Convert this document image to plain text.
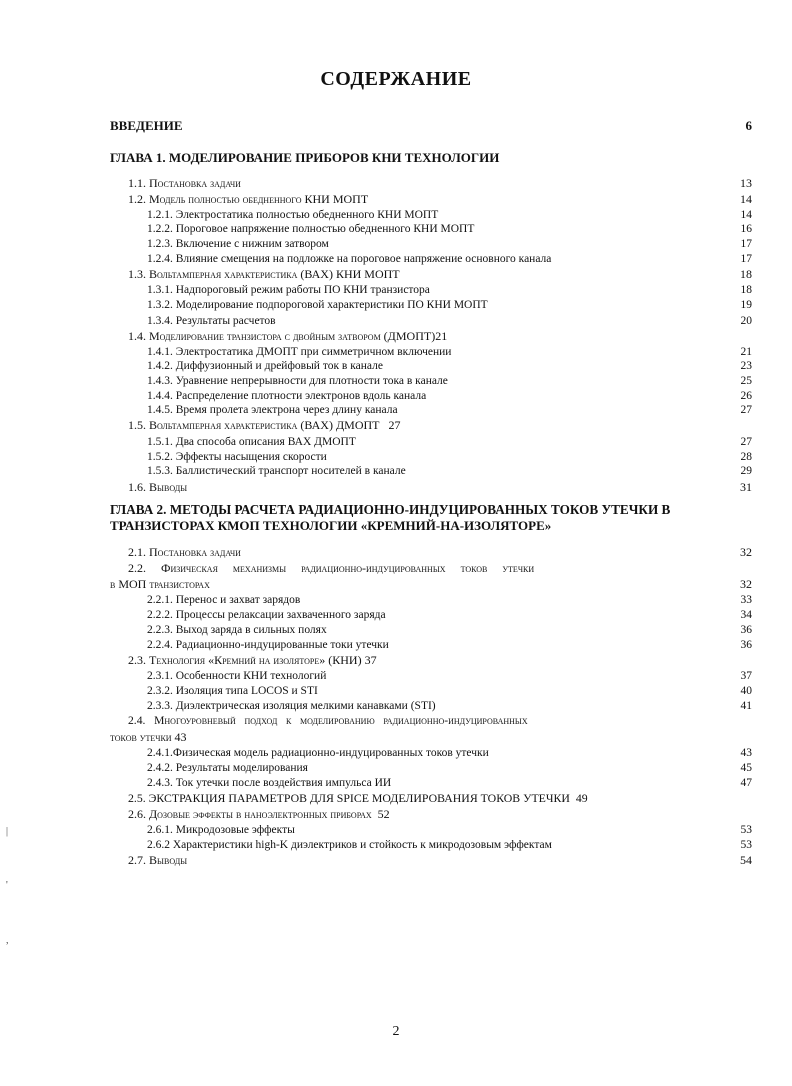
СОДЕРЖАНИЕ
ВВЕДЕНИЕ	6
ГЛАВА 1. МОДЕЛИРОВАНИЕ ПРИБОРОВ КНИ ТЕХНОЛОГИИ
1.1. Постановка задачи	13
1.2. Модель полностью обедненного КНИ МОПТ	14
1.2.1. Электростатика полностью обедненного КНИ МОПТ	14
1.2.2. Пороговое напряжение полностью обедненного КНИ МОПТ	16
1.2.3. Включение с нижним затвором	17
1.2.4. Влияние смещения на подложке на пороговое напряжение основного канала	17
1.3. Вольтамперная характеристика (ВАХ) КНИ МОПТ	18
1.3.1. Надпороговый режим работы ПО КНИ транзистора	18
1.3.2. Моделирование подпороговой характеристики ПО КНИ МОПТ	19
1.3.4. Результаты расчетов	20
1.4. Моделирование транзистора с двойным затвором (ДМОПТ)21
1.4.1. Электростатика ДМОПТ при симметричном включении	21
1.4.2. Диффузионный и дрейфовый ток в канале	23
1.4.3. Уравнение непрерывности для плотности тока в канале	25
1.4.4. Распределение плотности электронов вдоль канала	26
1.4.5. Время пролета электрона через длину канала	27
1.5. Вольтамперная характеристика (ВАХ) ДМОПТ   27
1.5.1. Два способа описания ВАХ ДМОПТ	27
1.5.2. Эффекты насыщения скорости	28
1.5.3. Баллистический транспорт носителей в канале	29
1.6. Выводы	31
ГЛАВА 2. МЕТОДЫ РАСЧЕТА РАДИАЦИОННО-ИНДУЦИРОВАННЫХ ТОКОВ УТЕЧКИ В
ТРАНЗИСТОРАХ КМОП ТЕХНОЛОГИИ «КРЕМНИЙ-НА-ИЗОЛЯТОРЕ»
2.1. Постановка задачи	32
2.2.   Физическая   механизмы   радиационно-индуцированных   токов   утечки
в МОП транзисторах	32
2.2.1. Перенос и захват зарядов	33
2.2.2. Процессы релаксации захваченного заряда	34
2.2.3. Выход заряда в сильных полях	36
2.2.4. Радиационно-индуцированные токи утечки	36
2.3. Технология «Кремний на изоляторе» (КНИ) 37
2.3.1. Особенности КНИ технологий	37
2.3.2. Изоляция типа LOCOS и STI	40
2.3.3. Диэлектрическая изоляция мелкими канавками (STI)	41
2.4.   Многоуровневый   подход   к   моделированию   радиационно-индуцированных
токов утечки 43
2.4.1.Физическая модель радиационно-индуцированных токов утечки	43
2.4.2. Результаты моделирования	45
2.4.3. Ток утечки после воздействия импульса ИИ	47
2.5. ЭКСТРАКЦИЯ ПАРАМЕТРОВ ДЛЯ SPICE МОДЕЛИРОВАНИЯ ТОКОВ УТЕЧКИ  49
2.6. Дозовые эффекты в наноэлектронных приборах  52
2.6.1. Микродозовые эффекты	53
2.6.2 Характеристики high-K диэлектриков и стойкость к микродозовым эффектам	53
2.7. Выводы	54
|
'
,
2
